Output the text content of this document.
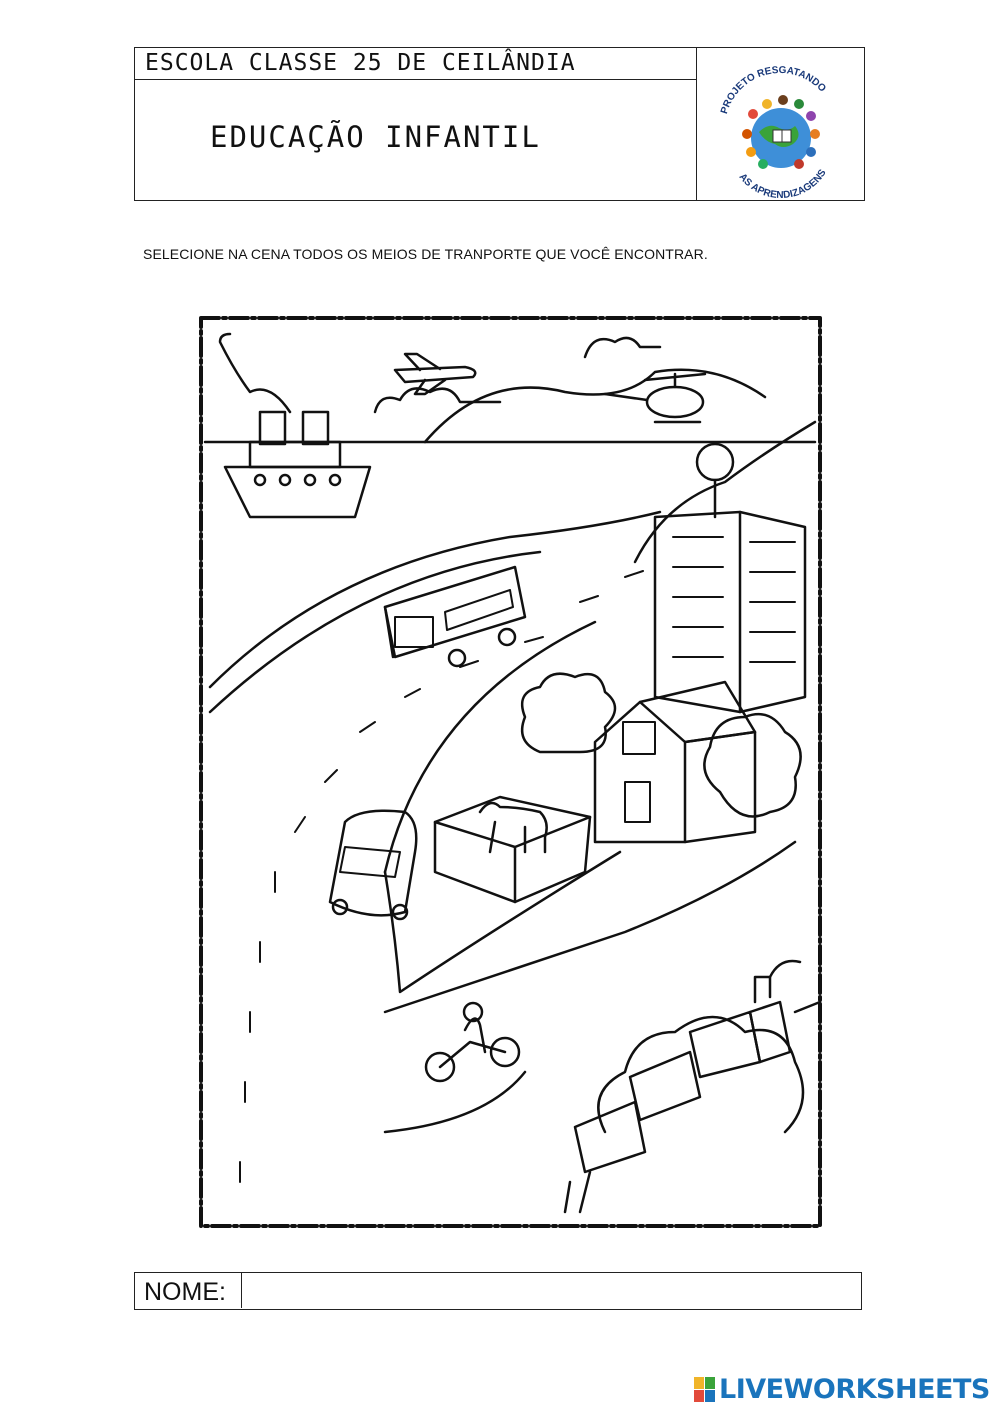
ESCOLA CLASSE 25 DE CEILÂNDIA
EDUCAÇÃO INFANTIL
PROJETO RESGATANDO
AS APRENDIZAGENS
SELECIONE NA CENA TODOS OS MEIOS DE TRANPORTE QUE VOCÊ ENCONTRAR.
NOME:
LIVEWORKSHEETS
